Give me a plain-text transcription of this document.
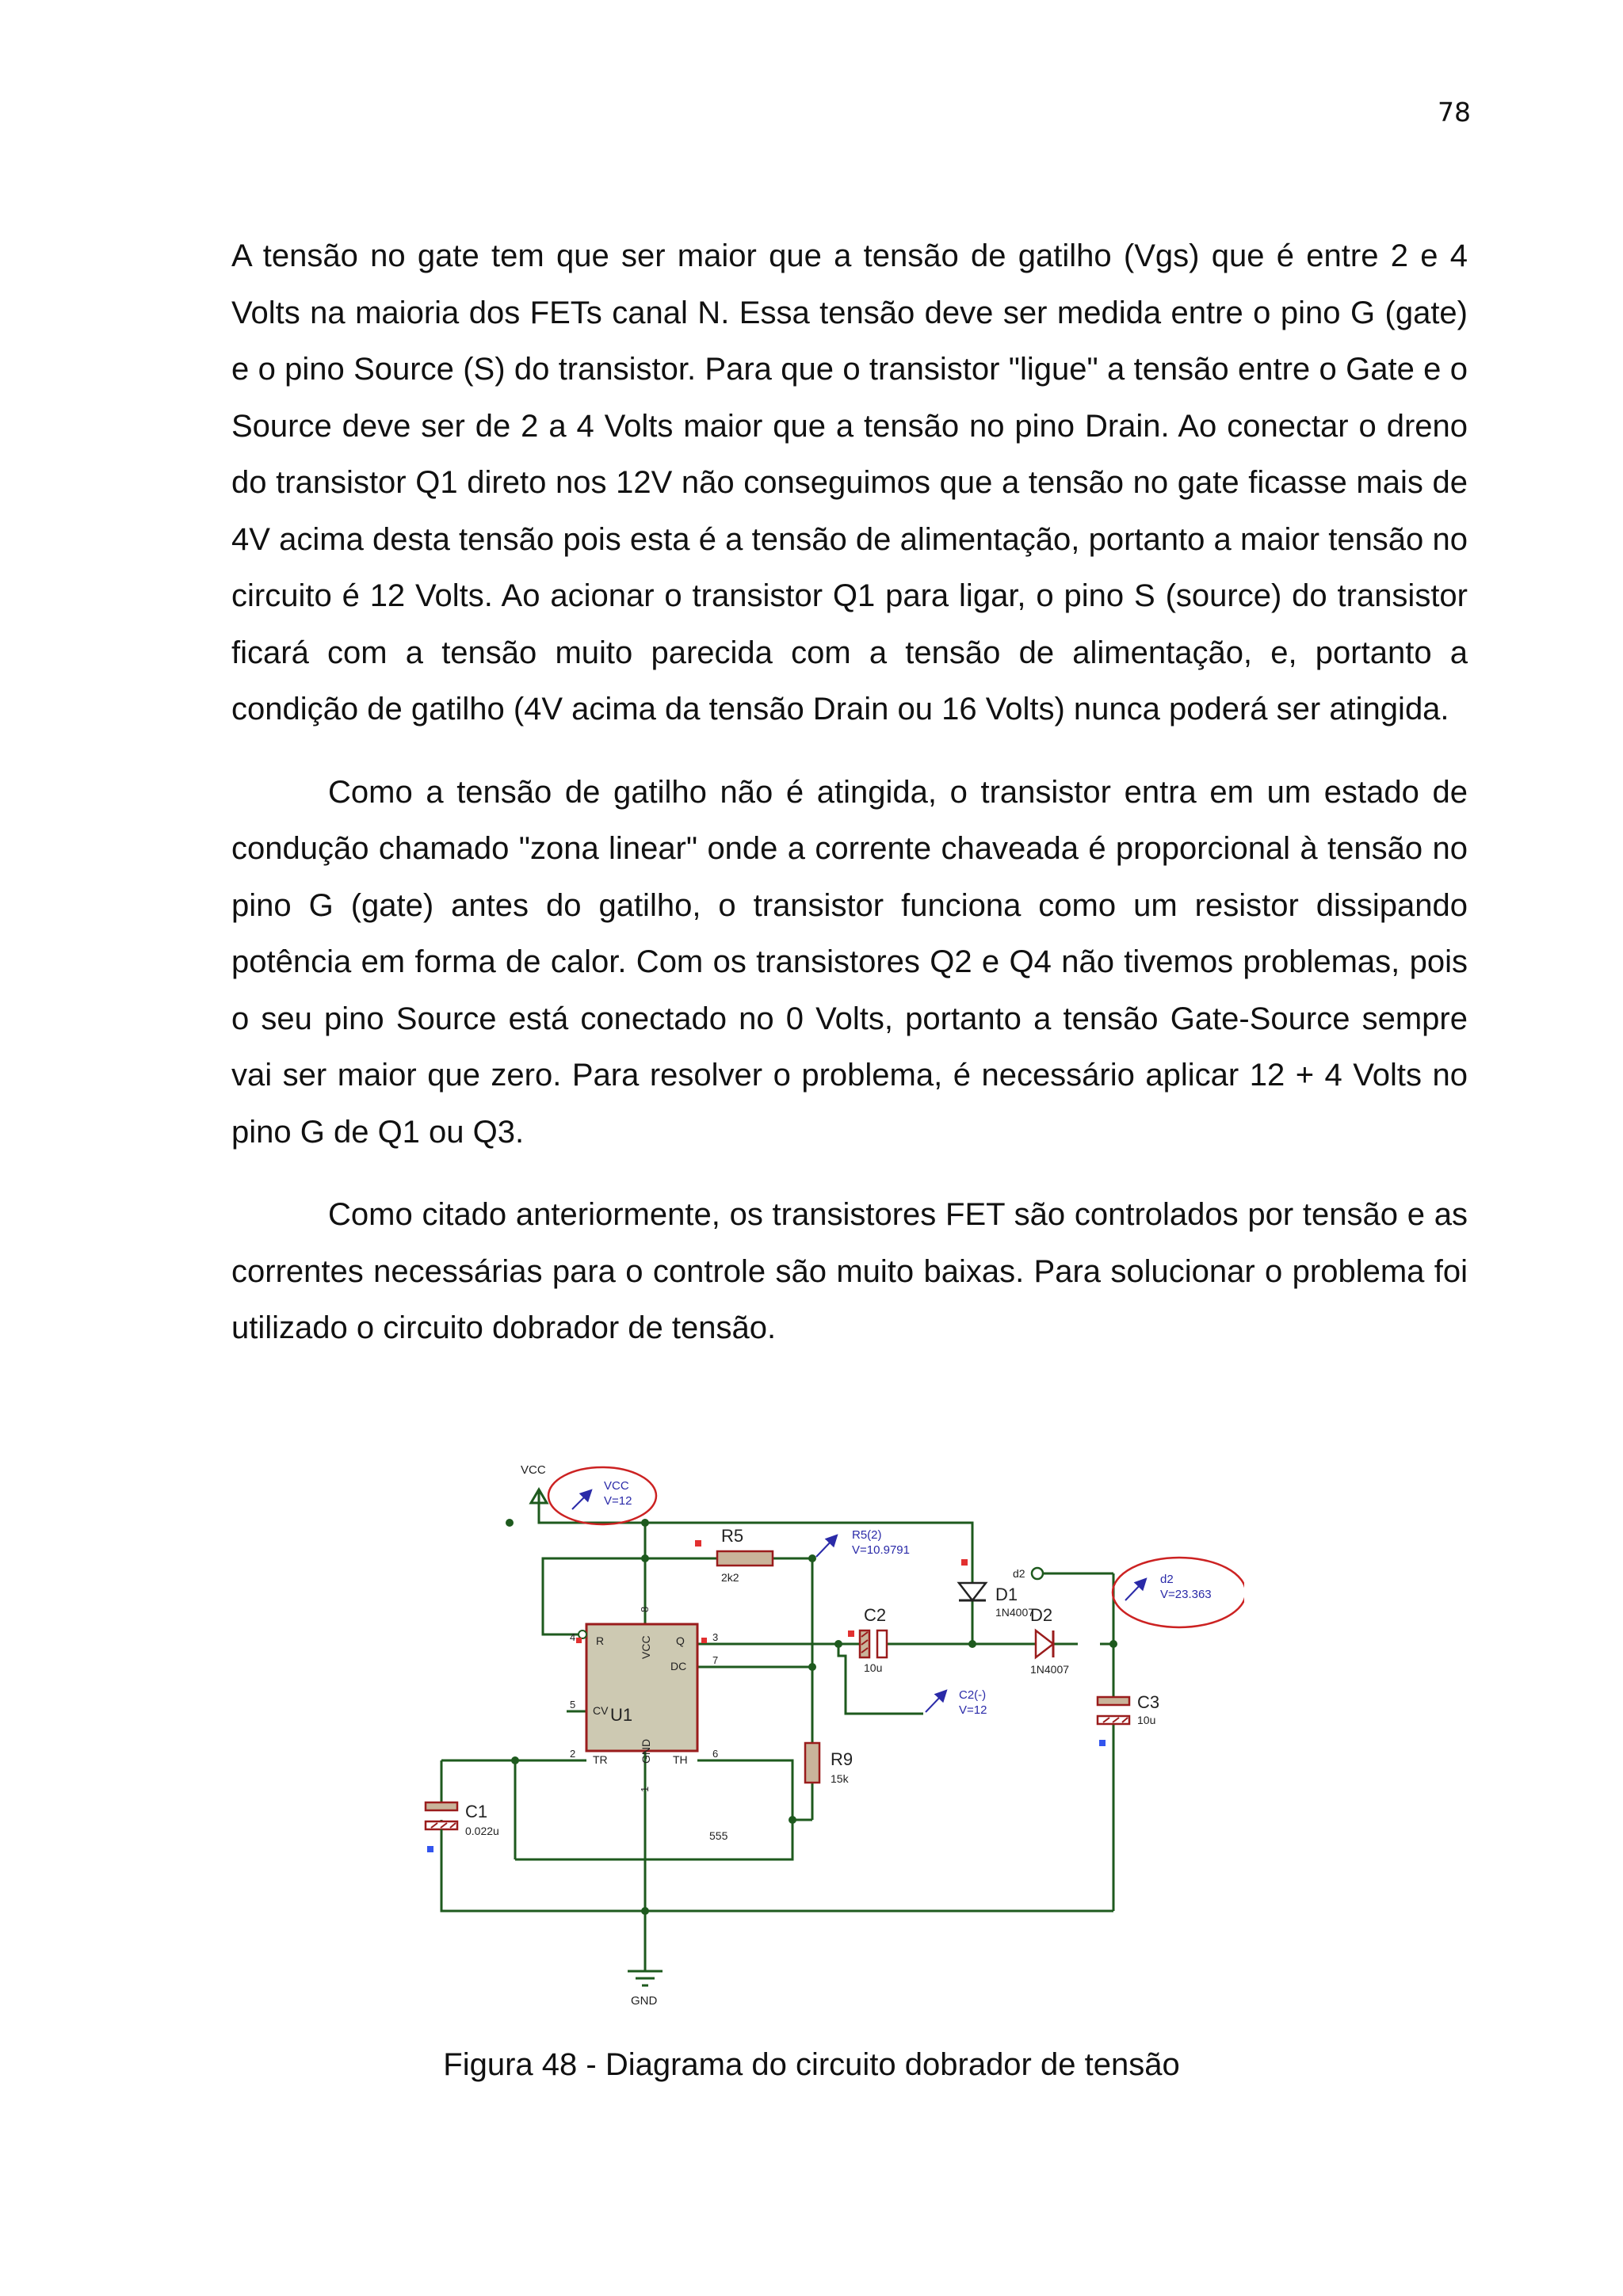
78

A tensão no gate tem que ser maior que a tensão de gatilho (Vgs) que é entre 2 e 4 Volts na maioria dos FETs canal N. Essa tensão deve ser medida entre o pino G (gate) e o pino Source (S) do transistor. Para que o transistor "ligue" a tensão entre o Gate e o Source deve ser de 2 a 4 Volts maior que a tensão no pino Drain. Ao conectar o dreno do transistor Q1 direto nos 12V não conseguimos que a tensão no gate ficasse mais de 4V acima desta tensão pois esta é a tensão de alimentação, portanto a maior tensão no circuito é 12 Volts. Ao acionar o transistor Q1 para ligar, o pino S (source) do transistor ficará com a tensão muito parecida com a tensão de alimentação, e, portanto a condição de gatilho (4V acima da tensão Drain ou 16 Volts) nunca poderá ser atingida.

Como a tensão de gatilho não é atingida, o transistor entra em um estado de condução chamado "zona linear" onde a corrente chaveada é proporcional à tensão no pino G (gate) antes do gatilho, o transistor funciona como um resistor dissipando potência em forma de calor. Com os transistores Q2 e Q4 não tivemos problemas, pois o seu pino Source está conectado no 0 Volts, portanto a tensão Gate-Source sempre vai ser maior que zero. Para resolver o problema, é necessário aplicar 12 + 4 Volts no pino G de Q1 ou Q3.

Como citado anteriormente, os transistores FET são controlados por tensão e as correntes necessárias para o controle são muito baixas. Para solucionar o problema foi utilizado o circuito dobrador de tensão.

VCC
VCC
V=12
R	Q
DC
CV
TR	TH
VCC
GND
U1
555
4
8
3
7
5
2	6
1
R5
2k2
R5(2)
V=10.9791
R9
15k
C2
10u
C2(-)
V=12
D1
1N4007
D2
1N4007
d2	d2
V=23.363
C3
10u
C1
0.022u
GND
Figura 48 - Diagrama do circuito dobrador de tensão
